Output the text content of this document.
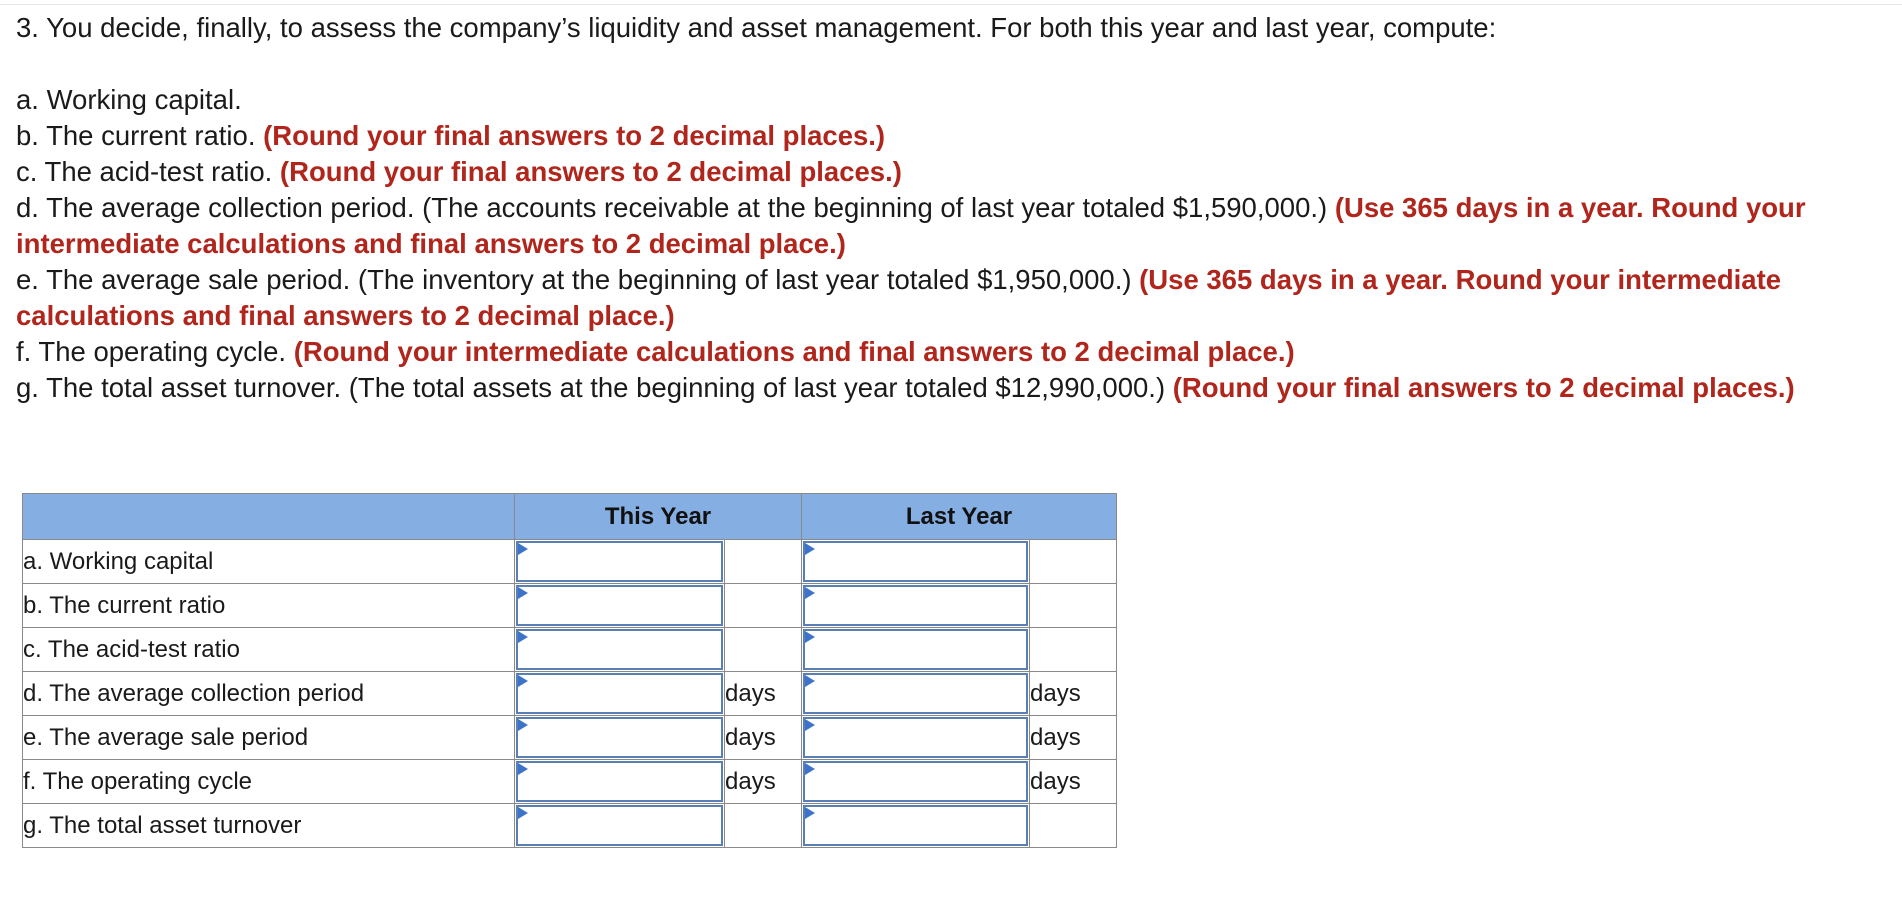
3. You decide, finally, to assess the company’s liquidity and asset management. For both this year and last year, compute:

a. Working capital.

b. The current ratio. (Round your final answers to 2 decimal places.)

c. The acid-test ratio. (Round your final answers to 2 decimal places.)

d. The average collection period. (The accounts receivable at the beginning of last year totaled $1,590,000.) (Use 365 days in a year. Round your intermediate calculations and final answers to 2 decimal place.)

e. The average sale period. (The inventory at the beginning of last year totaled $1,950,000.) (Use 365 days in a year. Round your intermediate calculations and final answers to 2 decimal place.)

f. The operating cycle. (Round your intermediate calculations and final answers to 2 decimal place.)

g. The total asset turnover. (The total assets at the beginning of last year totaled $12,990,000.) (Round your final answers to 2 decimal places.)

	This Year		Last Year	
a. Working capital	

b. The current ratio	

c. The acid-test ratio	

d. The average collection period		days		days
e. The average sale period		days		days
f. The operating cycle		days		days
g. The total asset turnover	
